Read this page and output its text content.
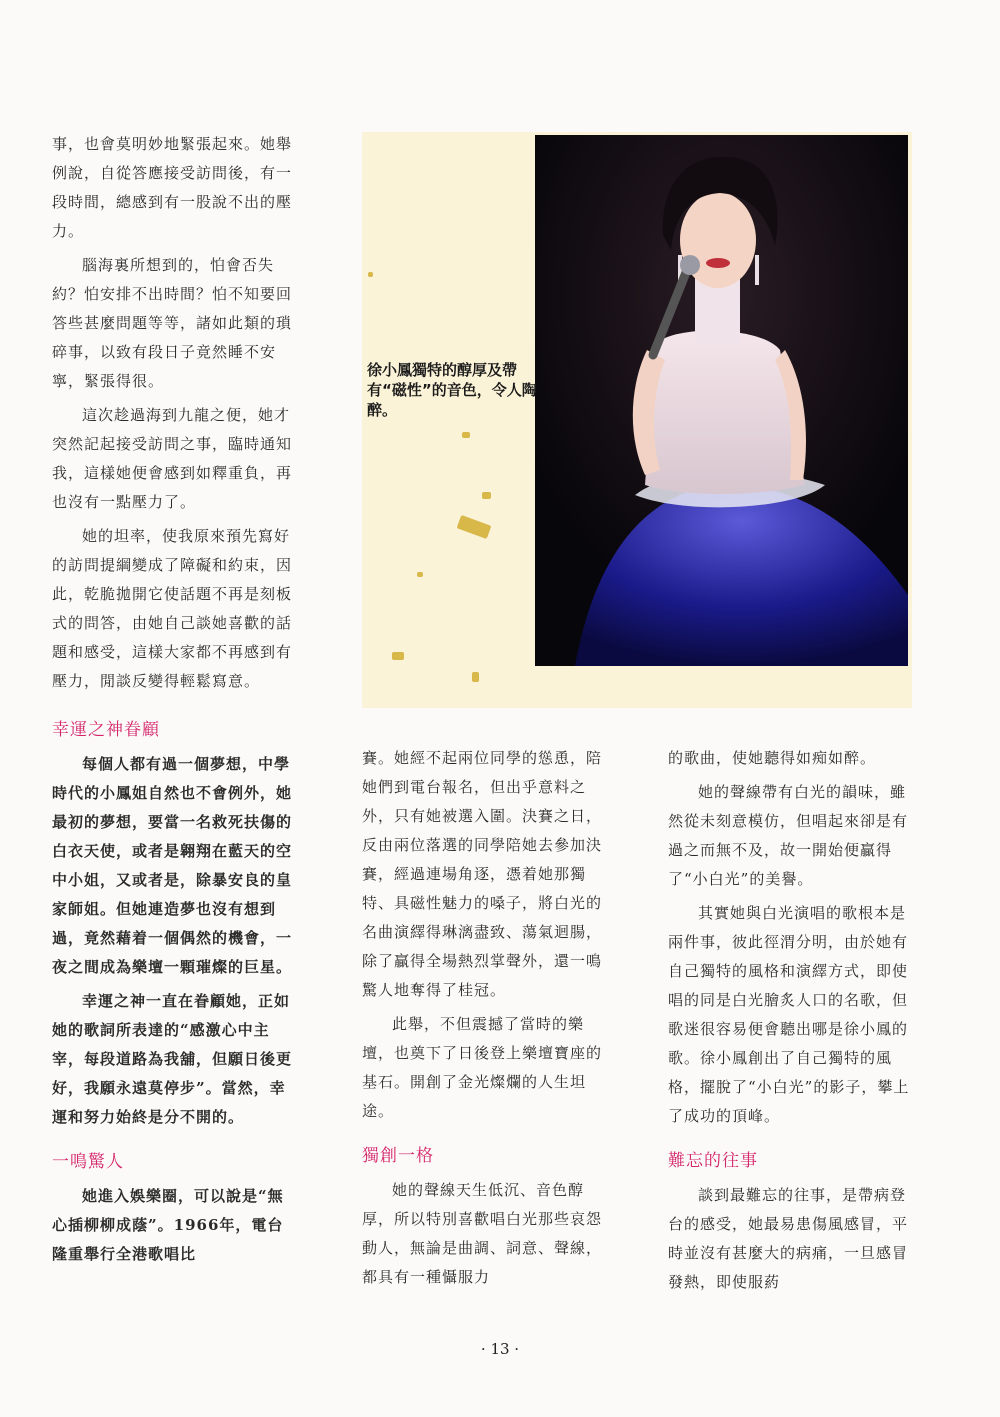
徐小鳳獨特的醇厚及帶有“磁性”的音色，令人陶醉。

事，也會莫明妙地緊張起來。她舉例說，自從答應接受訪問後，有一段時間，總感到有一股說不出的壓力。

腦海裏所想到的，怕會否失約？怕安排不出時間？怕不知要回答些甚麼問題等等，諸如此類的瑣碎事，以致有段日子竟然睡不安寧，緊張得很。

這次趁過海到九龍之便，她才突然記起接受訪問之事，臨時通知我，這樣她便會感到如釋重負，再也沒有一點壓力了。

她的坦率，使我原來預先寫好的訪問提綱變成了障礙和約束，因此，乾脆拋開它使話題不再是刻板式的問答，由她自己談她喜歡的話題和感受，這樣大家都不再感到有壓力，閒談反變得輕鬆寫意。

幸運之神眷顧

每個人都有過一個夢想，中學時代的小鳳姐自然也不會例外，她最初的夢想，要當一名救死扶傷的白衣天使，或者是翱翔在藍天的空中小姐，又或者是，除暴安良的皇家師姐。但她連造夢也沒有想到過，竟然藉着一個偶然的機會，一夜之間成為樂壇一顆璀燦的巨星。

幸運之神一直在眷顧她，正如她的歌詞所表達的“感激心中主宰，每段道路為我舖，但願日後更好，我願永遠莫停步”。當然，幸運和努力始終是分不開的。

一鳴驚人

她進入娛樂圈，可以說是“無心插柳柳成蔭”。1966年，電台隆重舉行全港歌唱比

賽。她經不起兩位同學的慫恿，陪她們到電台報名，但出乎意料之外，只有她被選入圍。決賽之日，反由兩位落選的同學陪她去參加決賽，經過連場角逐，憑着她那獨特、具磁性魅力的嗓子，將白光的名曲演繹得琳漓盡致、蕩氣迴腸，除了贏得全場熱烈掌聲外，還一鳴驚人地奪得了桂冠。

此舉，不但震撼了當時的樂壇，也奠下了日後登上樂壇寶座的基石。開創了金光燦爛的人生坦途。

獨創一格

她的聲線天生低沉、音色醇厚，所以特別喜歡唱白光那些哀怨動人，無論是曲調、詞意、聲線，都具有一種懾服力

的歌曲，使她聽得如痴如醉。

她的聲線帶有白光的韻味，雖然從未刻意模仿，但唱起來卻是有過之而無不及，故一開始便贏得了“小白光”的美譽。

其實她與白光演唱的歌根本是兩件事，彼此徑渭分明，由於她有自己獨特的風格和演繹方式，即使唱的同是白光膾炙人口的名歌，但歌迷很容易便會聽出哪是徐小鳳的歌。徐小鳳創出了自己獨特的風格，擺脫了“小白光”的影子，攀上了成功的頂峰。

難忘的往事

談到最難忘的往事，是帶病登台的感受，她最易患傷風感冒，平時並沒有甚麼大的病痛，一旦感冒發熱，即使服葯

· 13 ·
